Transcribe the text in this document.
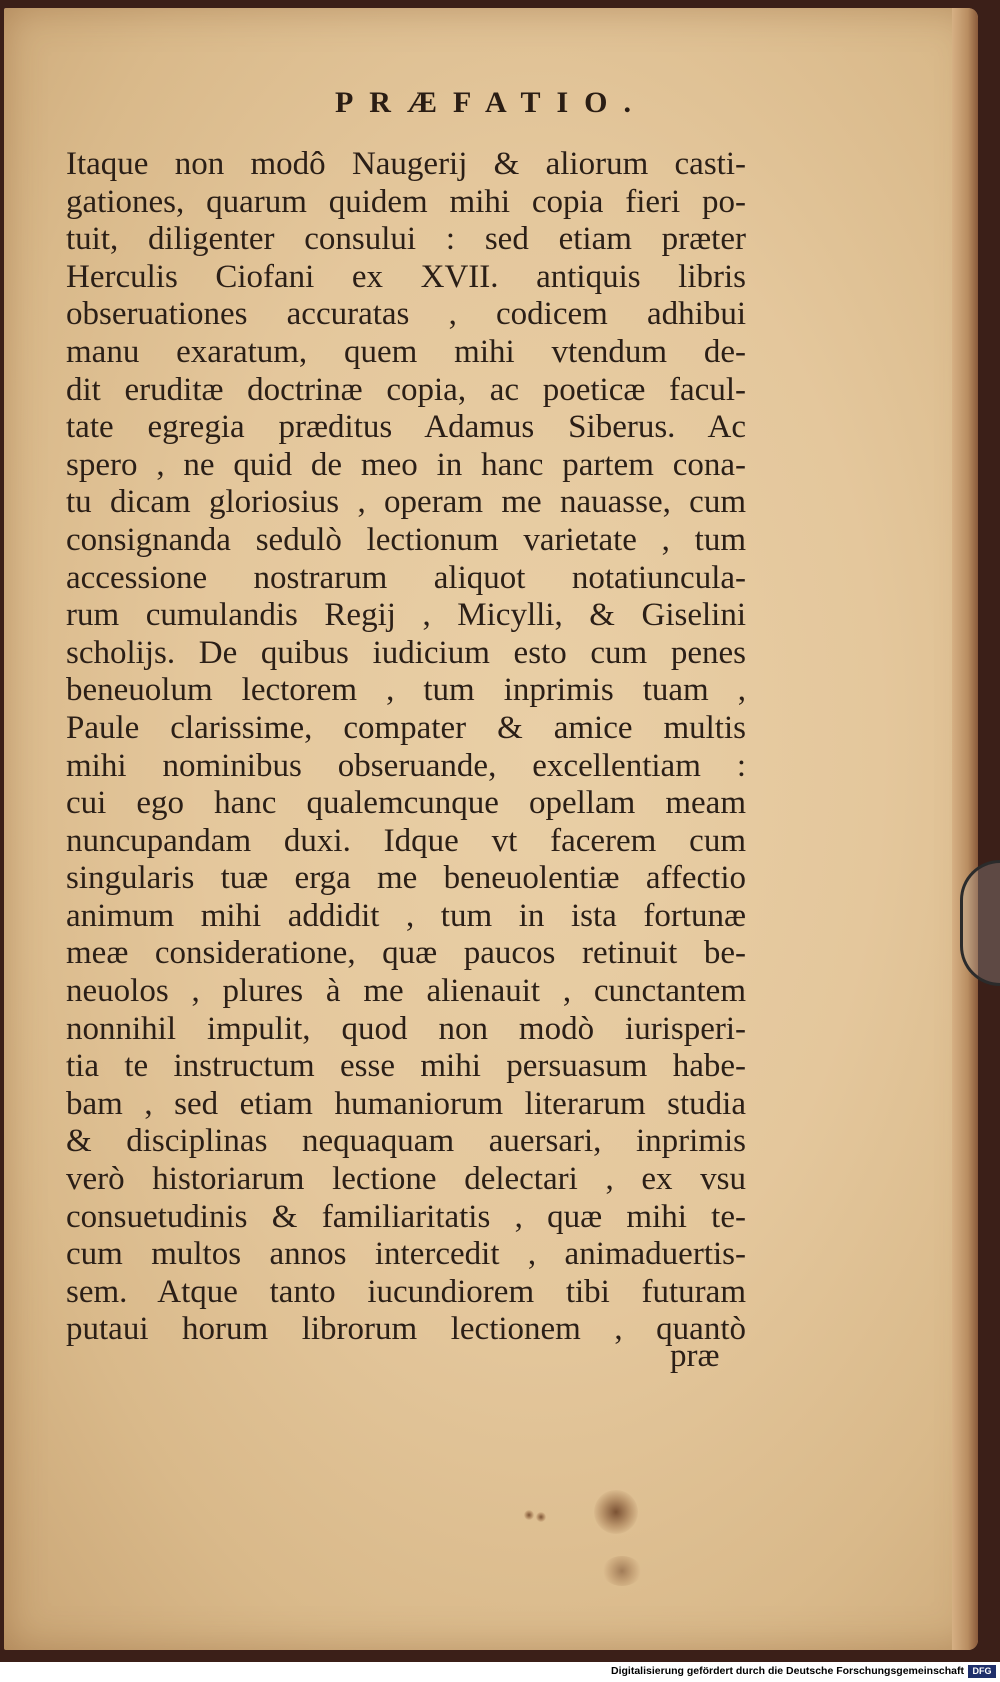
PRÆFATIO.
Itaque non modô Naugerij & aliorum casti-
gationes, quarum quidem mihi copia fieri po-
tuit, diligenter consului : sed etiam præter
Herculis Ciofani ex XVII. antiquis libris
obseruationes accuratas , codicem adhibui
manu exaratum, quem mihi vtendum de-
dit eruditæ doctrinæ copia, ac poeticæ facul-
tate egregia præditus Adamus Siberus. Ac
spero , ne quid de meo in hanc partem cona-
tu dicam gloriosius , operam me nauasse, cum
consignanda sedulò lectionum varietate , tum
accessione nostrarum aliquot notatiuncula-
rum cumulandis Regij , Micylli, & Giselini
scholijs. De quibus iudicium esto cum penes
beneuolum lectorem , tum inprimis tuam ,
Paule clarissime, compater & amice multis
mihi nominibus obseruande, excellentiam :
cui ego hanc qualemcunque opellam meam
nuncupandam duxi. Idque vt facerem cum
singularis tuæ erga me beneuolentiæ affectio
animum mihi addidit , tum in ista fortunæ
meæ consideratione, quæ paucos retinuit be-
neuolos , plures à me alienauit , cunctantem
nonnihil impulit, quod non modò iurisperi-
tia te instructum esse mihi persuasum habe-
bam , sed etiam humaniorum literarum studia
& disciplinas nequaquam auersari, inprimis
verò historiarum lectione delectari , ex vsu
consuetudinis & familiaritatis , quæ mihi te-
cum multos annos intercedit , animaduertis-
sem. Atque tanto iucundiorem tibi futuram
putaui horum librorum lectionem , quantò
præ
Digitalisierung gefördert durch die Deutsche Forschungsgemeinschaft DFG
